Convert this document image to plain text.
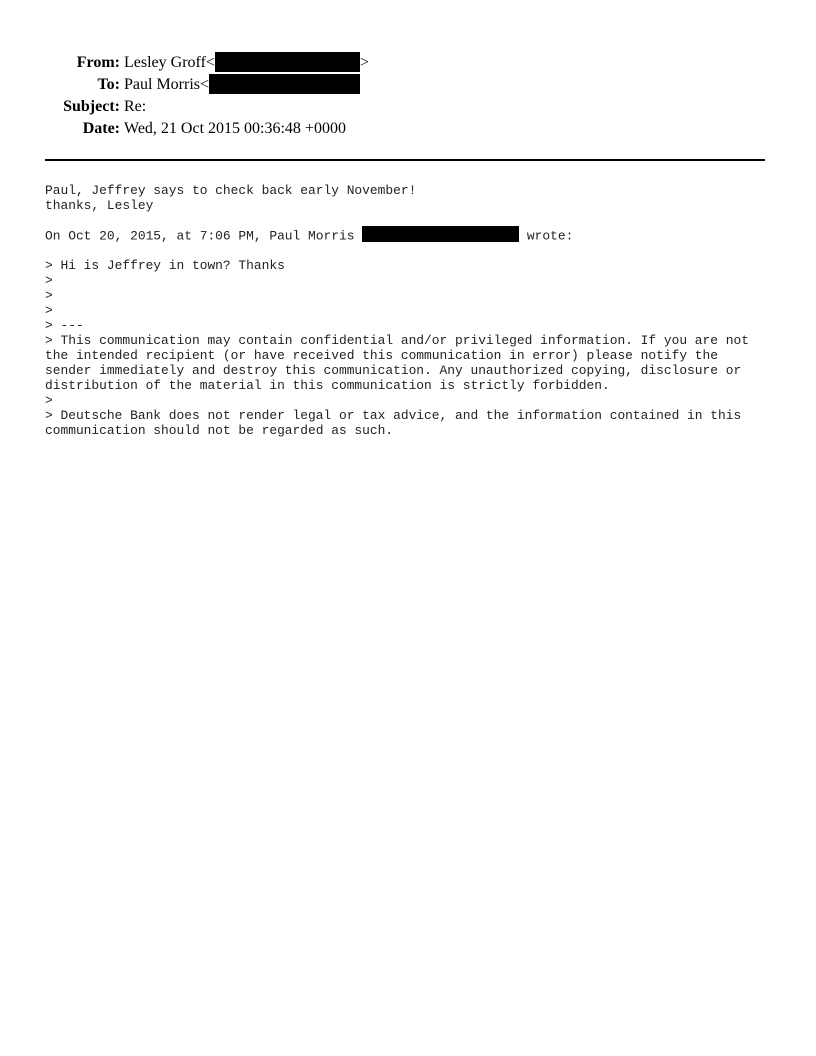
From: Lesley Groff<	>
To: Paul Morris<
Subject: Re:
Date: Wed, 21 Oct 2015 00:36:48 +0000
Paul, Jeffrey says to check back early November!
thanks, Lesley
On Oct 20, 2015, at 7:06 PM, Paul Morris	wrote:
> Hi is Jeffrey in town? Thanks
>
>
>
> ---
> This communication may contain confidential and/or privileged information. If you are not
the intended recipient (or have received this communication in error) please notify the
sender immediately and destroy this communication. Any unauthorized copying, disclosure or
distribution of the material in this communication is strictly forbidden.
>
> Deutsche Bank does not render legal or tax advice, and the information contained in this
communication should not be regarded as such.
